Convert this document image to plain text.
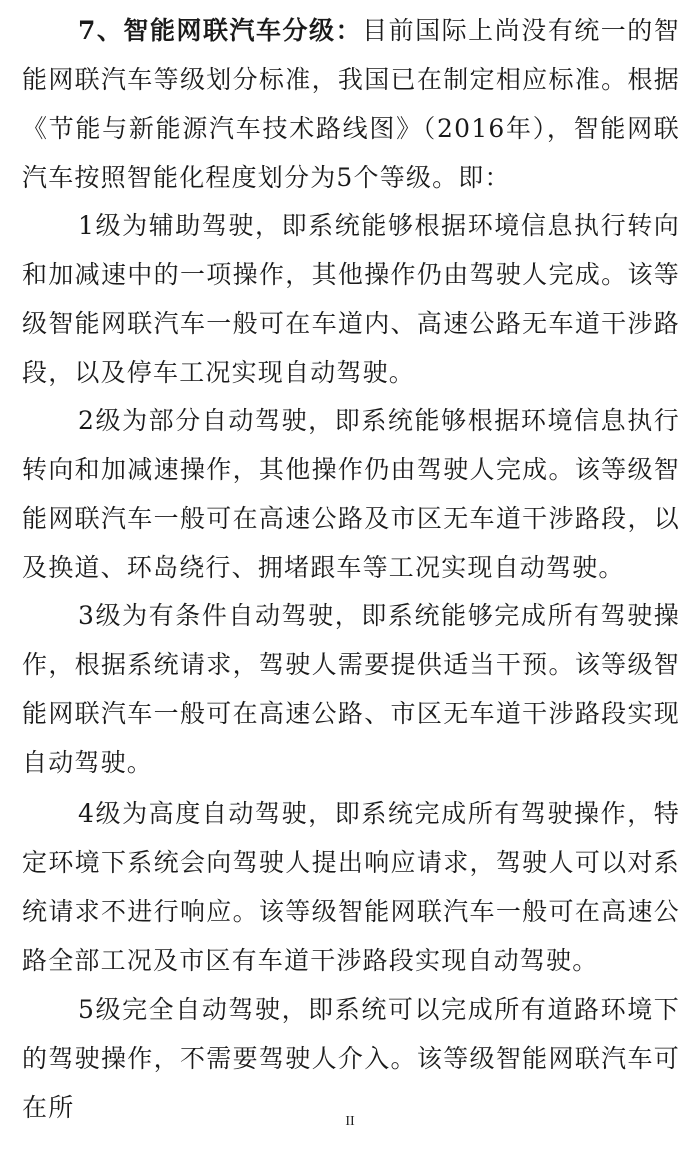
7、智能网联汽车分级：目前国际上尚没有统一的智能网联汽车等级划分标准，我国已在制定相应标准。根据《节能与新能源汽车技术路线图》（2016年），智能网联汽车按照智能化程度划分为5个等级。即：

1级为辅助驾驶，即系统能够根据环境信息执行转向和加减速中的一项操作，其他操作仍由驾驶人完成。该等级智能网联汽车一般可在车道内、高速公路无车道干涉路段，以及停车工况实现自动驾驶。

2级为部分自动驾驶，即系统能够根据环境信息执行转向和加减速操作，其他操作仍由驾驶人完成。该等级智能网联汽车一般可在高速公路及市区无车道干涉路段，以及换道、环岛绕行、拥堵跟车等工况实现自动驾驶。

3级为有条件自动驾驶，即系统能够完成所有驾驶操作，根据系统请求，驾驶人需要提供适当干预。该等级智能网联汽车一般可在高速公路、市区无车道干涉路段实现自动驾驶。

4级为高度自动驾驶，即系统完成所有驾驶操作，特定环境下系统会向驾驶人提出响应请求，驾驶人可以对系统请求不进行响应。该等级智能网联汽车一般可在高速公路全部工况及市区有车道干涉路段实现自动驾驶。

5级完全自动驾驶，即系统可以完成所有道路环境下的驾驶操作，不需要驾驶人介入。该等级智能网联汽车可在所	II
